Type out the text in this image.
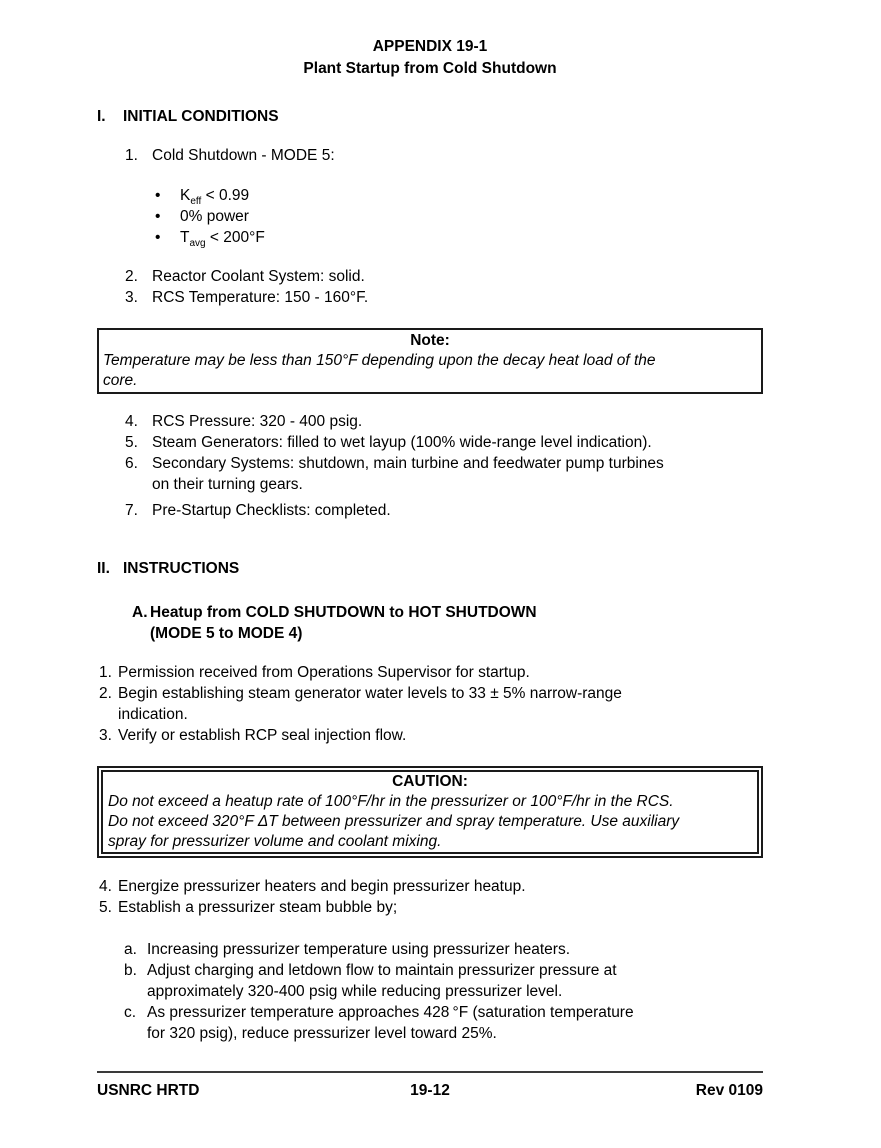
APPENDIX 19-1
Plant Startup from Cold Shutdown
I.	INITIAL CONDITIONS
1. Cold Shutdown - MODE 5:
•	$K_{eff} < 0.99$
•	0% power
•	$T_{avg} < 200^\circ F$
2. Reactor Coolant System: solid.
3. RCS Temperature: 150 - 160°F.
Note:
Temperature may be less than 150°F depending upon the decay heat load of the
core.
4. RCS Pressure: 320 - 400 psig.
5. Steam Generators: filled to wet layup (100% wide-range level indication).
6. Secondary Systems: shutdown, main turbine and feedwater pump turbines
on their turning gears.
7. Pre-Startup Checklists: completed.
II. INSTRUCTIONS
A. Heatup from COLD SHUTDOWN to HOT SHUTDOWN
(MODE 5 to MODE 4)
1. Permission received from Operations Supervisor for startup.
2. Begin establishing steam generator water levels to 33 ± 5% narrow-range
indication.
3. Verify or establish RCP seal injection flow.
CAUTION:
Do not exceed a heatup rate of 100°F/hr in the pressurizer or 100°F/hr in the RCS.
Do not exceed 320°F ΔT between pressurizer and spray temperature. Use auxiliary
spray for pressurizer volume and coolant mixing.
4. Energize pressurizer heaters and begin pressurizer heatup.
5. Establish a pressurizer steam bubble by;
a. Increasing pressurizer temperature using pressurizer heaters.
b. Adjust charging and letdown flow to maintain pressurizer pressure at
approximately 320-400 psig while reducing pressurizer level.
c. As pressurizer temperature approaches 428 °F (saturation temperature
for 320 psig), reduce pressurizer level toward 25%.
USNRC HRTD	19-12	Rev 0109
